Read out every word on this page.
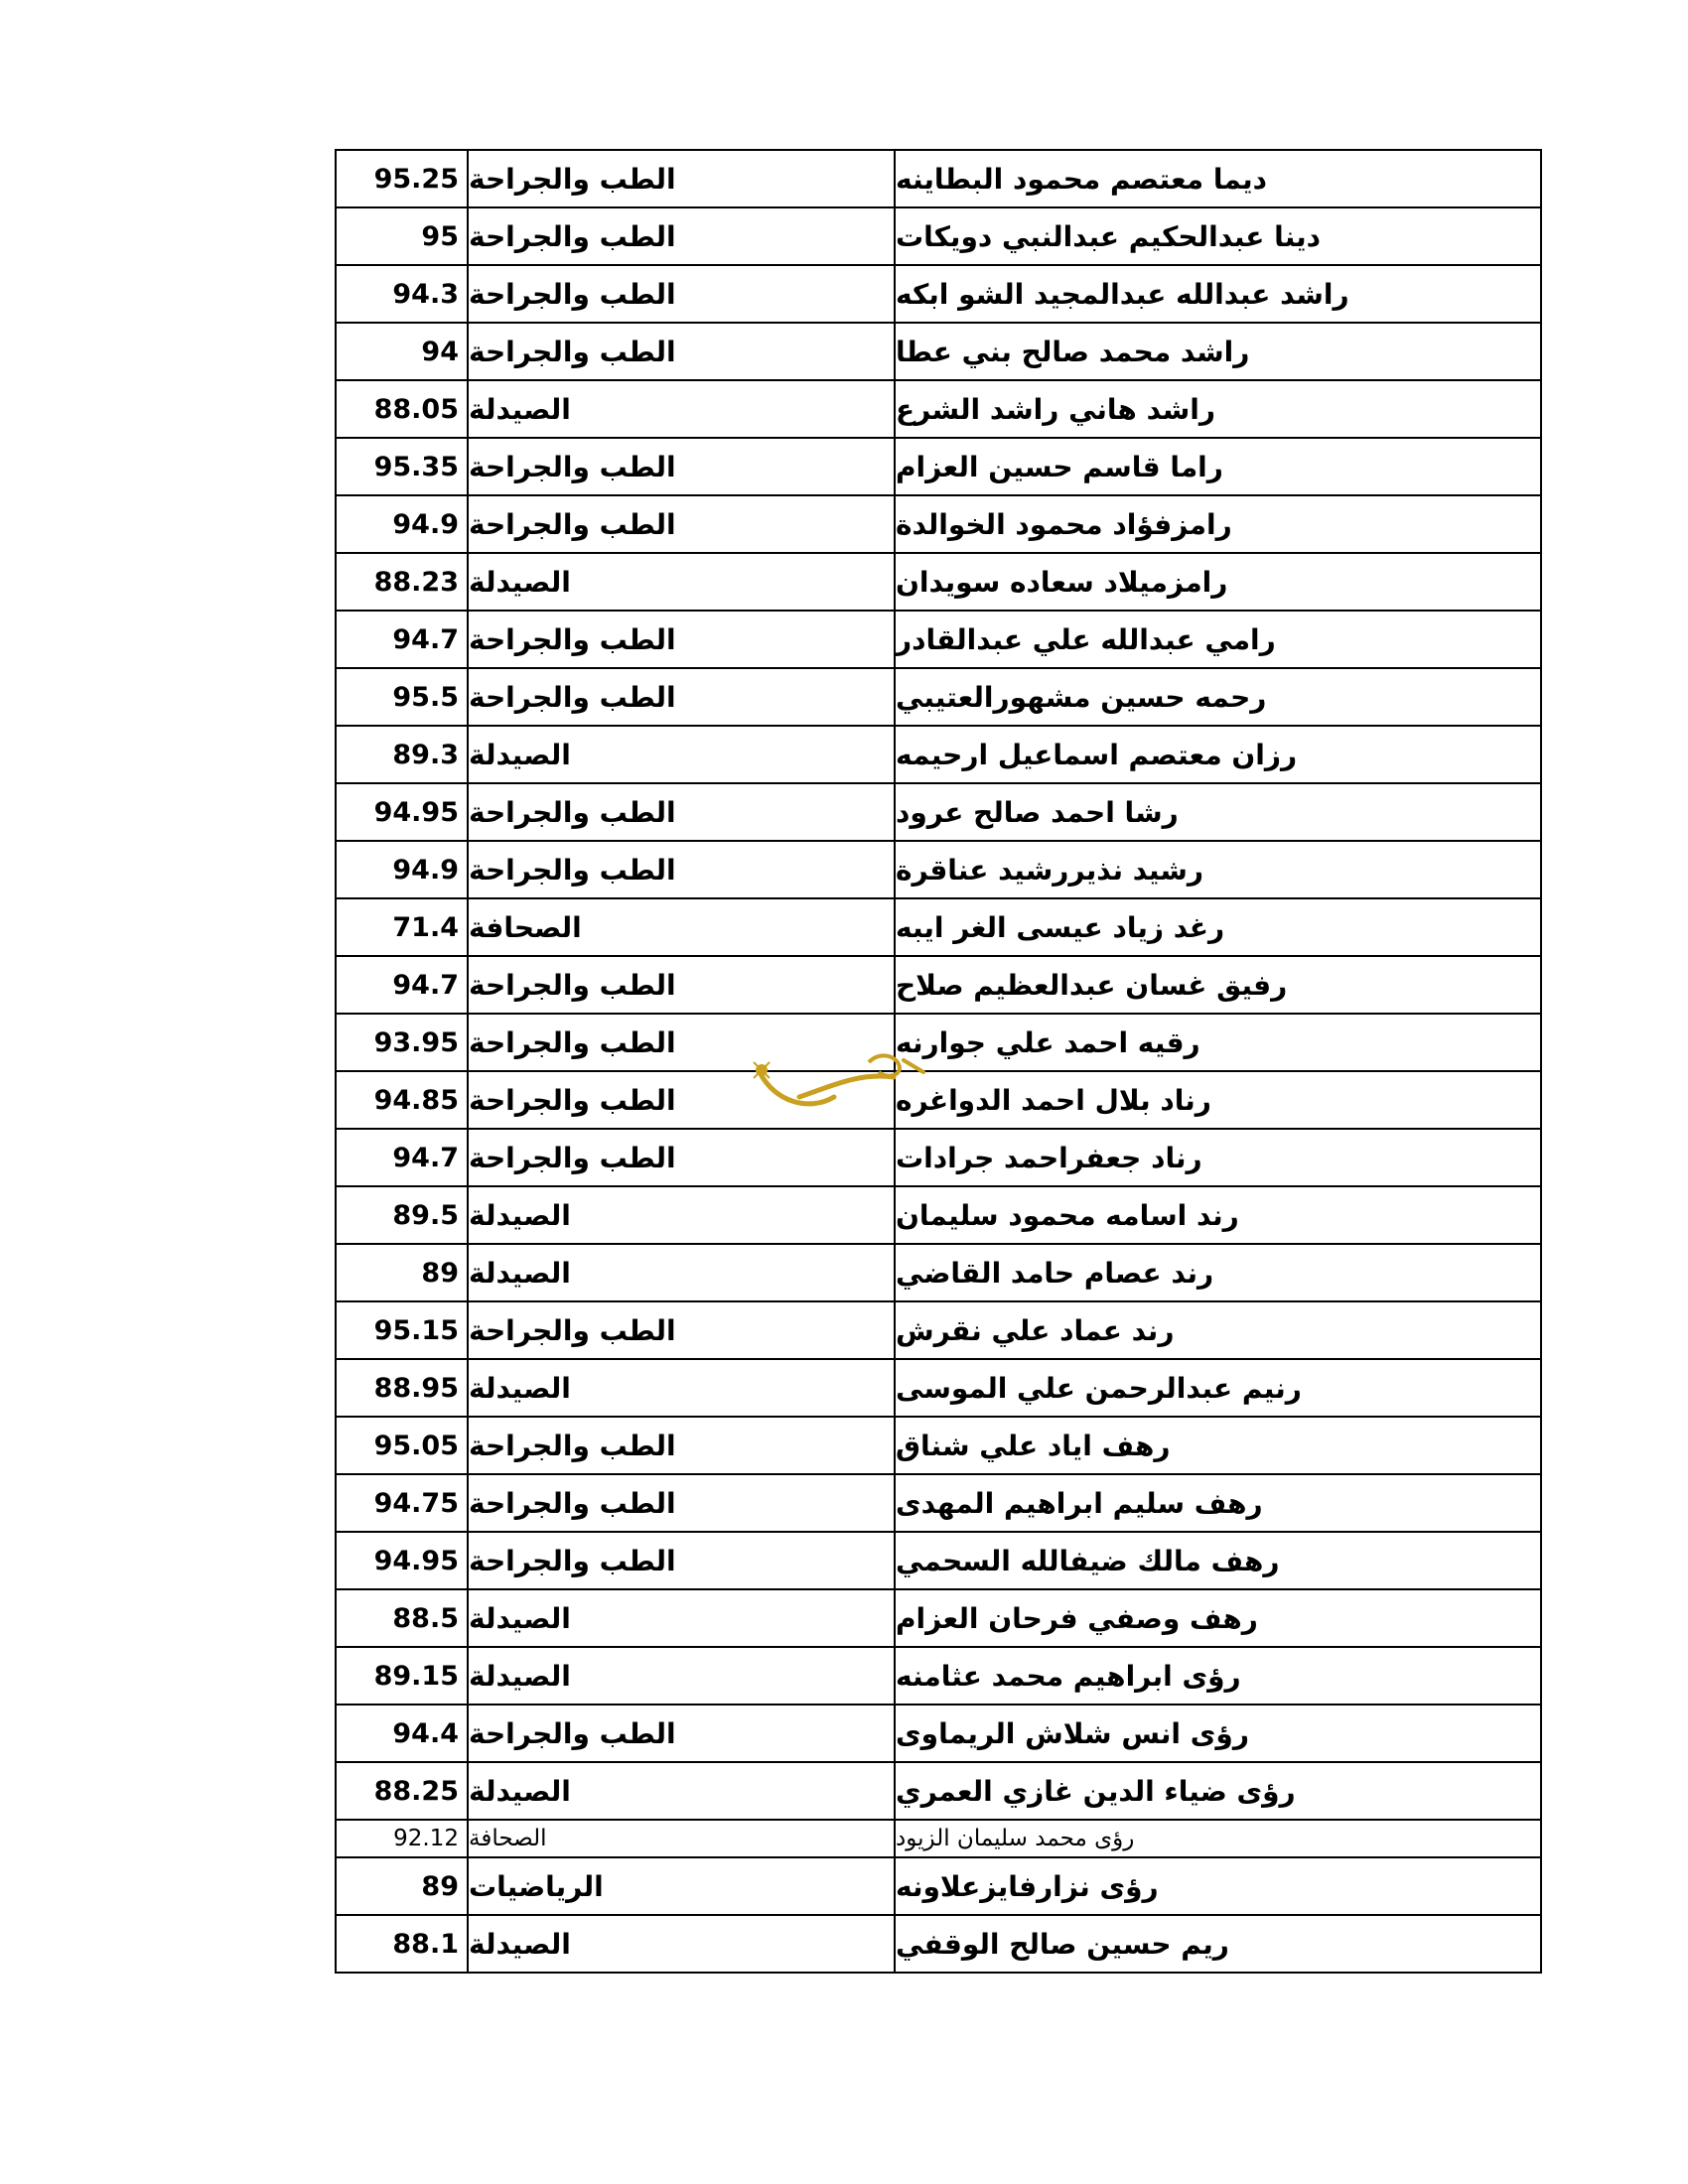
95.25 الطب والجراحة	ديما معتصم محمود البطاينه
95 الطب والجراحة	دينا عبدالحكيم عبدالنبي دويكات
94.3 الطب والجراحة	راشد عبدالله عبدالمجيد الشو ابكه
94 الطب والجراحة	راشد محمد صالح بني عطا
88.05 الصيدلة	راشد هاني راشد الشرع
95.35 الطب والجراحة	راما قاسم حسين العزام
94.9 الطب والجراحة	رامزفؤاد محمود الخوالدة
88.23 الصيدلة	رامزميلاد سعاده سويدان
94.7 الطب والجراحة	رامي عبدالله علي عبدالقادر
95.5 الطب والجراحة	رحمه حسين مشهورالعتيبي
89.3 الصيدلة	رزان معتصم اسماعيل ارحيمه
94.95 الطب والجراحة	رشا احمد صالح عرود
94.9 الطب والجراحة	رشيد نذيررشيد عناقرة
71.4 الصحافة	رغد زياد عيسى الغر ايبه
94.7 الطب والجراحة	رفيق غسان عبدالعظيم صلاح
93.95 الطب والجراحة	رقيه احمد علي جوارنه
94.85 الطب والجراحة	رناد بلال احمد الدواغره
94.7 الطب والجراحة	رناد جعفراحمد جرادات
89.5 الصيدلة	رند اسامه محمود سليمان
89 الصيدلة	رند عصام حامد القاضي
95.15 الطب والجراحة	رند عماد علي نقرش
88.95 الصيدلة	رنيم عبدالرحمن علي الموسى
95.05 الطب والجراحة	رهف اياد علي شناق
94.75 الطب والجراحة	رهف سليم ابراهيم المهدى
94.95 الطب والجراحة	رهف مالك ضيفالله السحمي
88.5 الصيدلة	رهف وصفي فرحان العزام
89.15 الصيدلة	رؤى ابراهيم محمد عثامنه
94.4 الطب والجراحة	رؤى انس شلاش الريماوى
88.25 الصيدلة	رؤى ضياء الدين غازي العمري
92.12 الصحافة	رؤى محمد سليمان الزيود
89 الرياضيات	رؤى نزارفايزعلاونه
88.1 الصيدلة	ريم حسين صالح الوقفي
